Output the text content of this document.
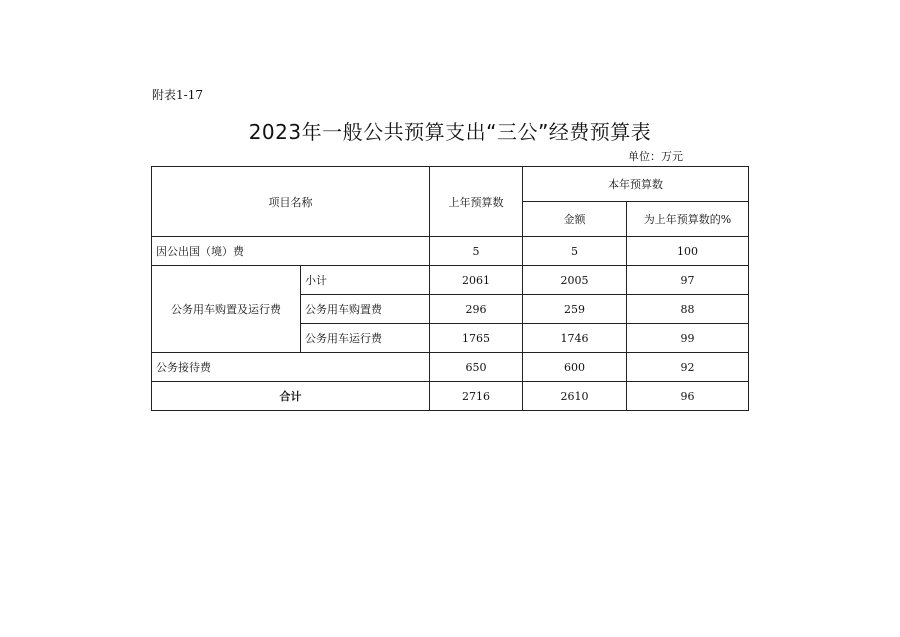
附表1-17
2023年一般公共预算支出“三公”经费预算表
单位：万元
项目名称		上年预算数	本年预算数	
			金额	为上年预算数的%
因公出国（境）费		5	5	100
公务用车购置及运行费	小计	2061	2005	97
	公务用车购置费	296	259	88
	公务用车运行费	1765	1746	99
公务接待费		650	600	92
合计		2716	2610	96
